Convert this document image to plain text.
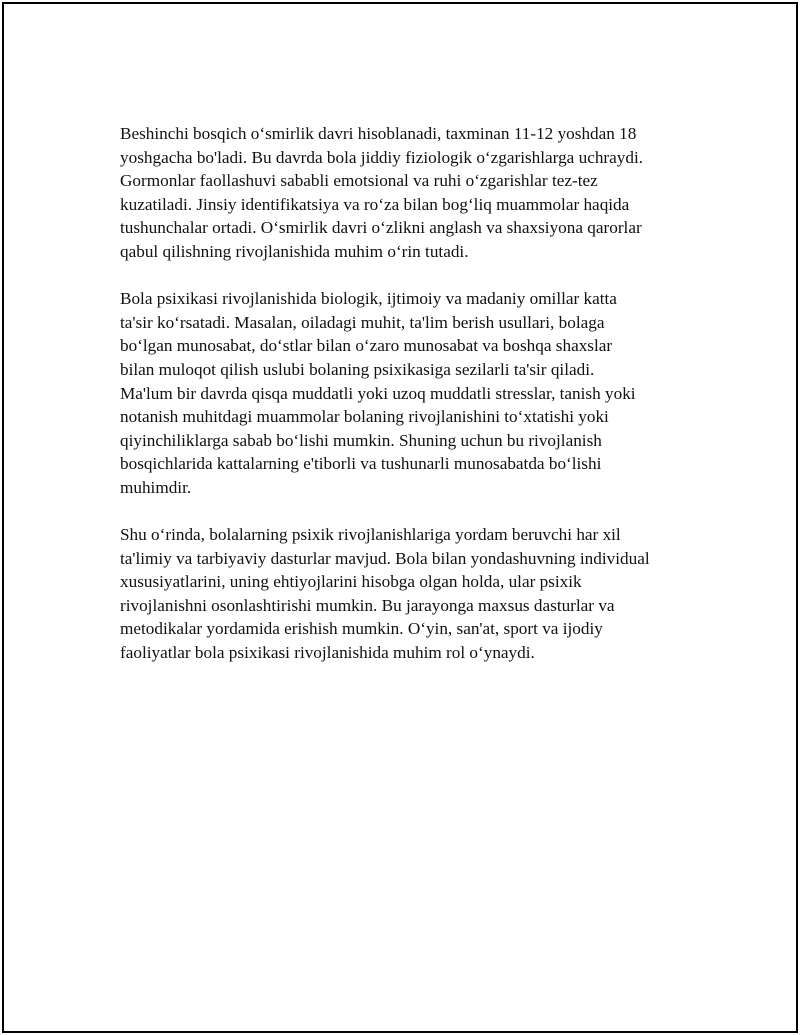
Beshinchi bosqich o‘smirlik davri hisoblanadi, taxminan 11-12 yoshdan 18
yoshgacha bo'ladi. Bu davrda bola jiddiy fiziologik o‘zgarishlarga uchraydi.
Gormonlar faollashuvi sababli emotsional va ruhi o‘zgarishlar tez-tez
kuzatiladi. Jinsiy identifikatsiya va ro‘za bilan bog‘liq muammolar haqida
tushunchalar ortadi. O‘smirlik davri o‘zlikni anglash va shaxsiyona qarorlar
qabul qilishning rivojlanishida muhim o‘rin tutadi.

Bola psixikasi rivojlanishida biologik, ijtimoiy va madaniy omillar katta
ta'sir ko‘rsatadi. Masalan, oiladagi muhit, ta'lim berish usullari, bolaga
bo‘lgan munosabat, do‘stlar bilan o‘zaro munosabat va boshqa shaxslar
bilan muloqot qilish uslubi bolaning psixikasiga sezilarli ta'sir qiladi.
Ma'lum bir davrda qisqa muddatli yoki uzoq muddatli stresslar, tanish yoki
notanish muhitdagi muammolar bolaning rivojlanishini to‘xtatishi yoki
qiyinchiliklarga sabab bo‘lishi mumkin. Shuning uchun bu rivojlanish
bosqichlarida kattalarning e'tiborli va tushunarli munosabatda bo‘lishi
muhimdir.

Shu o‘rinda, bolalarning psixik rivojlanishlariga yordam beruvchi har xil
ta'limiy va tarbiyaviy dasturlar mavjud. Bola bilan yondashuvning individual
xususiyatlarini, uning ehtiyojlarini hisobga olgan holda, ular psixik
rivojlanishni osonlashtirishi mumkin. Bu jarayonga maxsus dasturlar va
metodikalar yordamida erishish mumkin. O‘yin, san'at, sport va ijodiy
faoliyatlar bola psixikasi rivojlanishida muhim rol o‘ynaydi.
